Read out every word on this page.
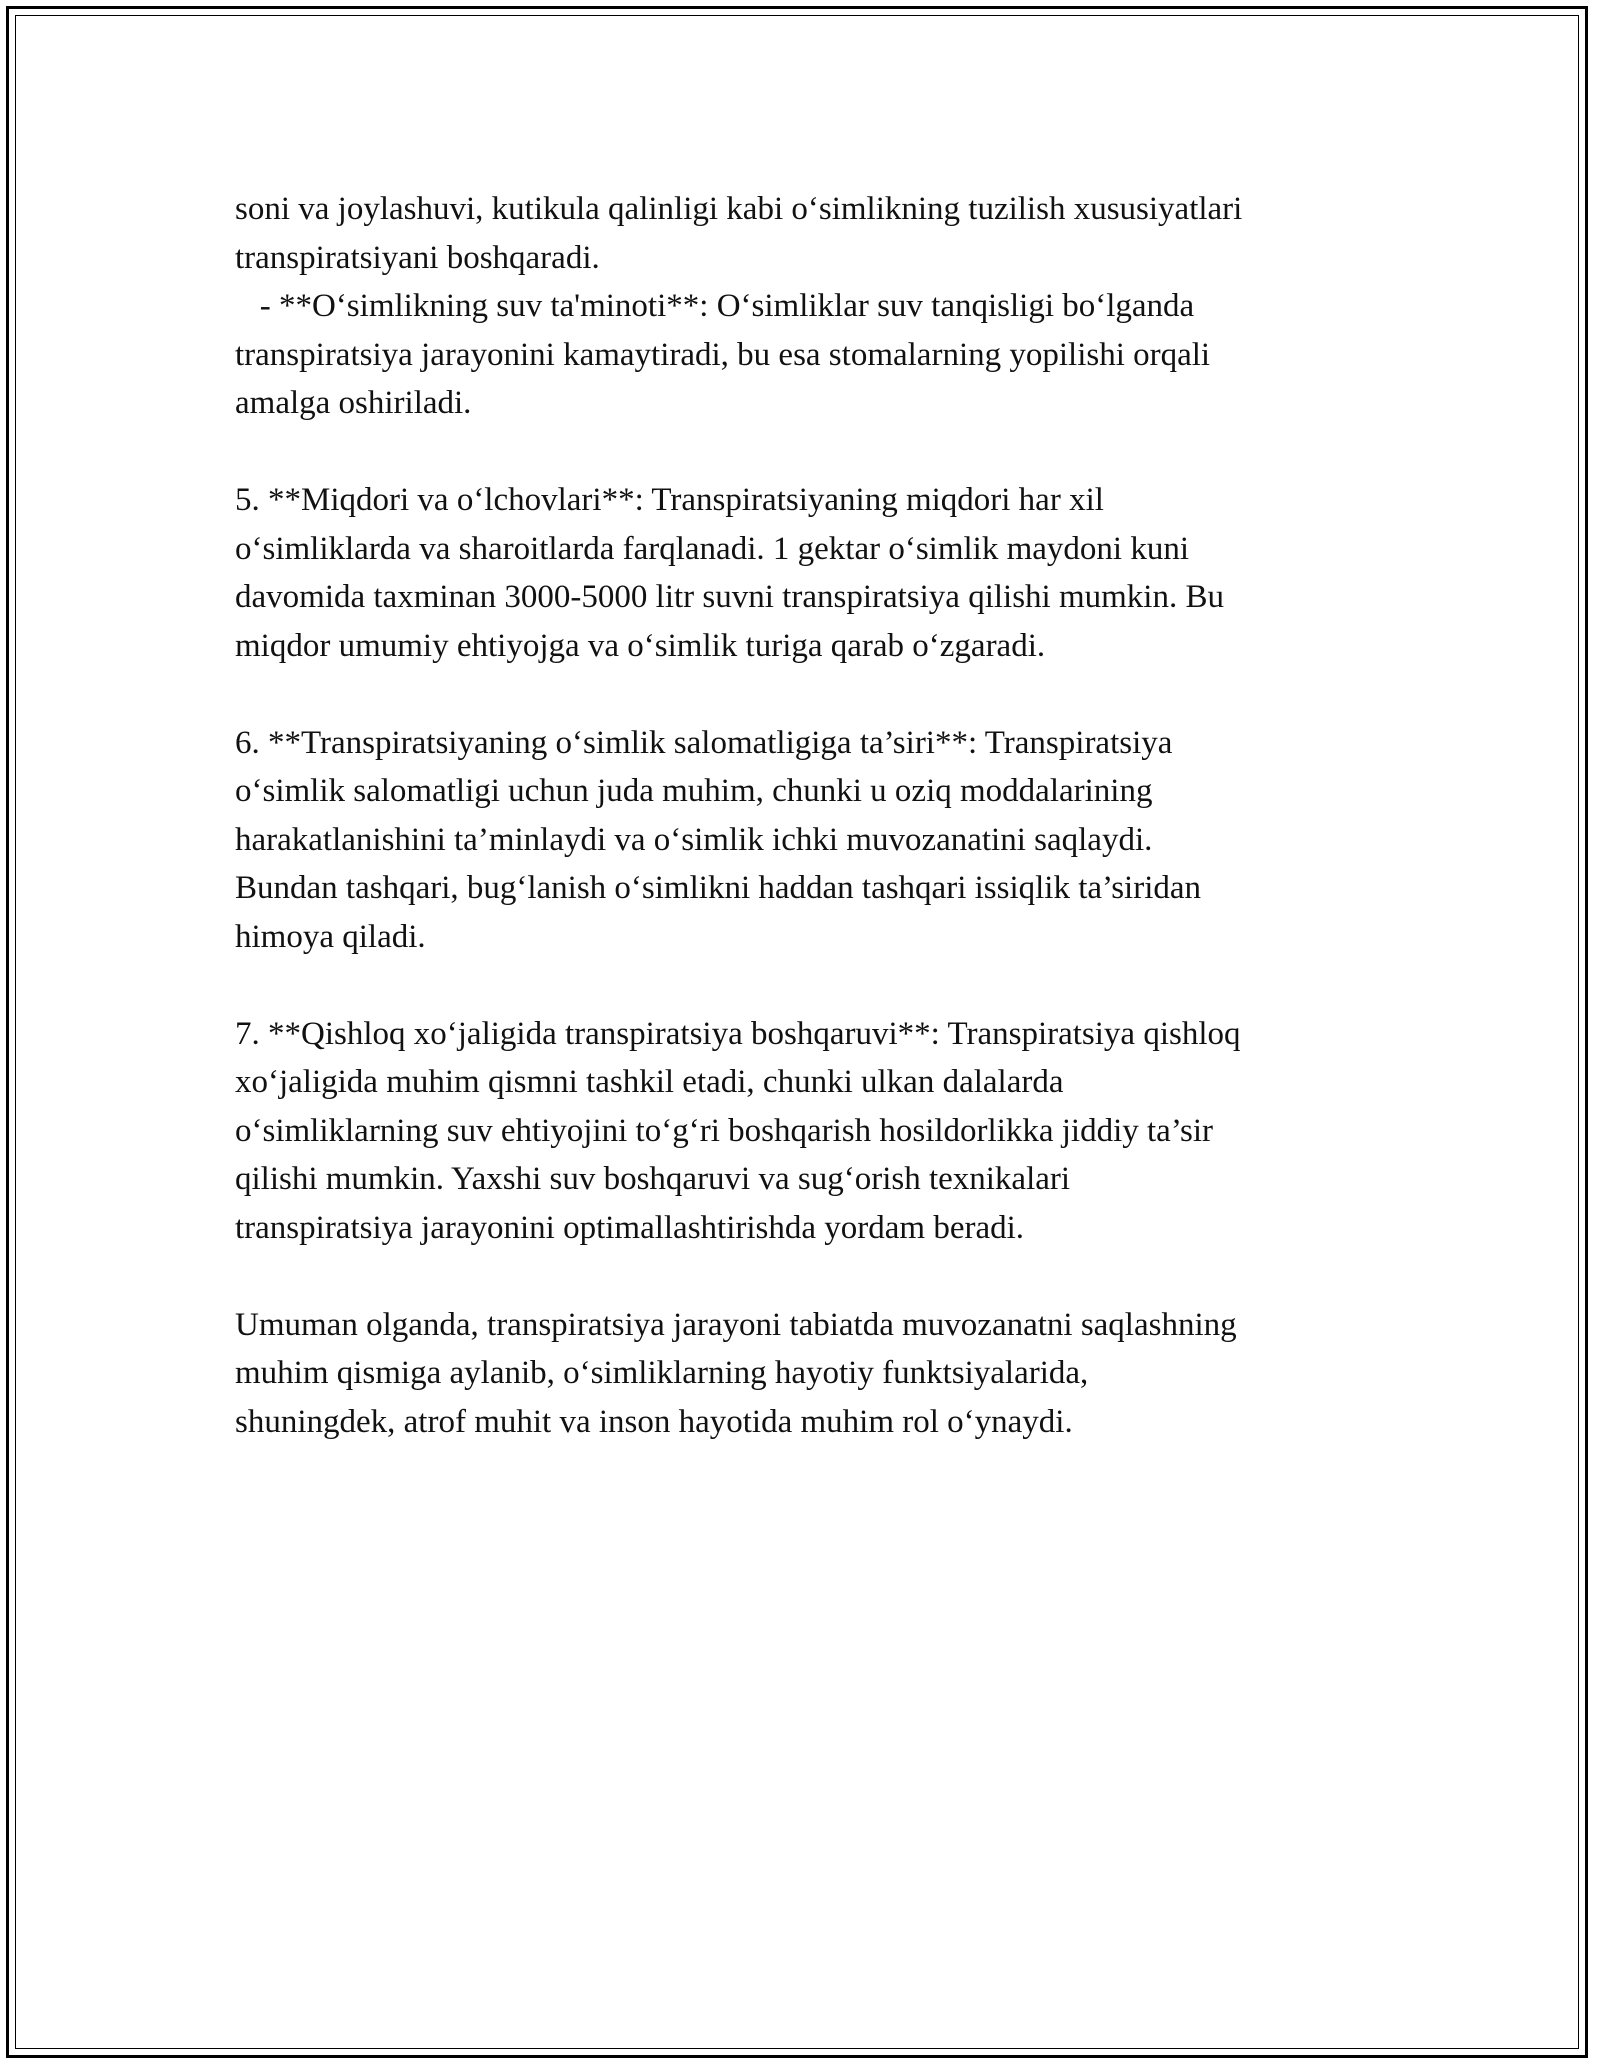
soni va joylashuvi, kutikula qalinligi kabi oʻsimlikning tuzilish xususiyatlari
transpiratsiyani boshqaradi.
- **Oʻsimlikning suv ta'minoti**: Oʻsimliklar suv tanqisligi boʻlganda
transpiratsiya jarayonini kamaytiradi, bu esa stomalarning yopilishi orqali
amalga oshiriladi.
5. **Miqdori va oʻlchovlari**: Transpiratsiyaning miqdori har xil
oʻsimliklarda va sharoitlarda farqlanadi. 1 gektar oʻsimlik maydoni kuni
davomida taxminan 3000-5000 litr suvni transpiratsiya qilishi mumkin. Bu
miqdor umumiy ehtiyojga va oʻsimlik turiga qarab oʻzgaradi.
6. **Transpiratsiyaning oʻsimlik salomatligiga ta’siri**: Transpiratsiya
oʻsimlik salomatligi uchun juda muhim, chunki u oziq moddalarining
harakatlanishini ta’minlaydi va oʻsimlik ichki muvozanatini saqlaydi.
Bundan tashqari, bugʻlanish oʻsimlikni haddan tashqari issiqlik ta’siridan
himoya qiladi.
7. **Qishloq xoʻjaligida transpiratsiya boshqaruvi**: Transpiratsiya qishloq
xoʻjaligida muhim qismni tashkil etadi, chunki ulkan dalalarda
oʻsimliklarning suv ehtiyojini toʻgʻri boshqarish hosildorlikka jiddiy ta’sir
qilishi mumkin. Yaxshi suv boshqaruvi va sugʻorish texnikalari
transpiratsiya jarayonini optimallashtirishda yordam beradi.
Umuman olganda, transpiratsiya jarayoni tabiatda muvozanatni saqlashning
muhim qismiga aylanib, oʻsimliklarning hayotiy funktsiyalarida,
shuningdek, atrof muhit va inson hayotida muhim rol oʻynaydi.
